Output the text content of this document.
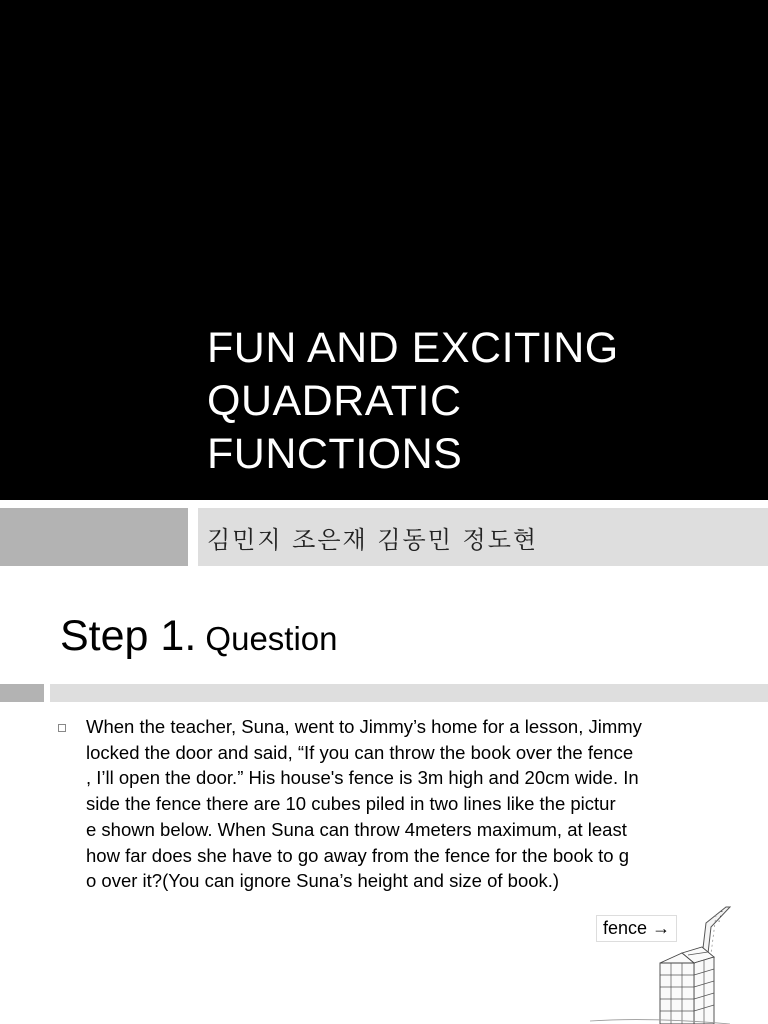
FUN AND EXCITING
QUADRATIC
FUNCTIONS
김민지 조은재 김동민 정도현
Step 1. Question
When the teacher, Suna, went to Jimmy’s home for a lesson, Jimmy
locked the door and said, “If you can throw the book over the fence
, I’ll open the door.” His house's fence is 3m high and 20cm wide. In
side the fence there are 10 cubes piled in two lines like the pictur
e shown below. When Suna can throw 4meters maximum, at least
how far does she have to go away from the fence for the book to g
o over it?(You can ignore Suna’s height and size of book.)
fence →
